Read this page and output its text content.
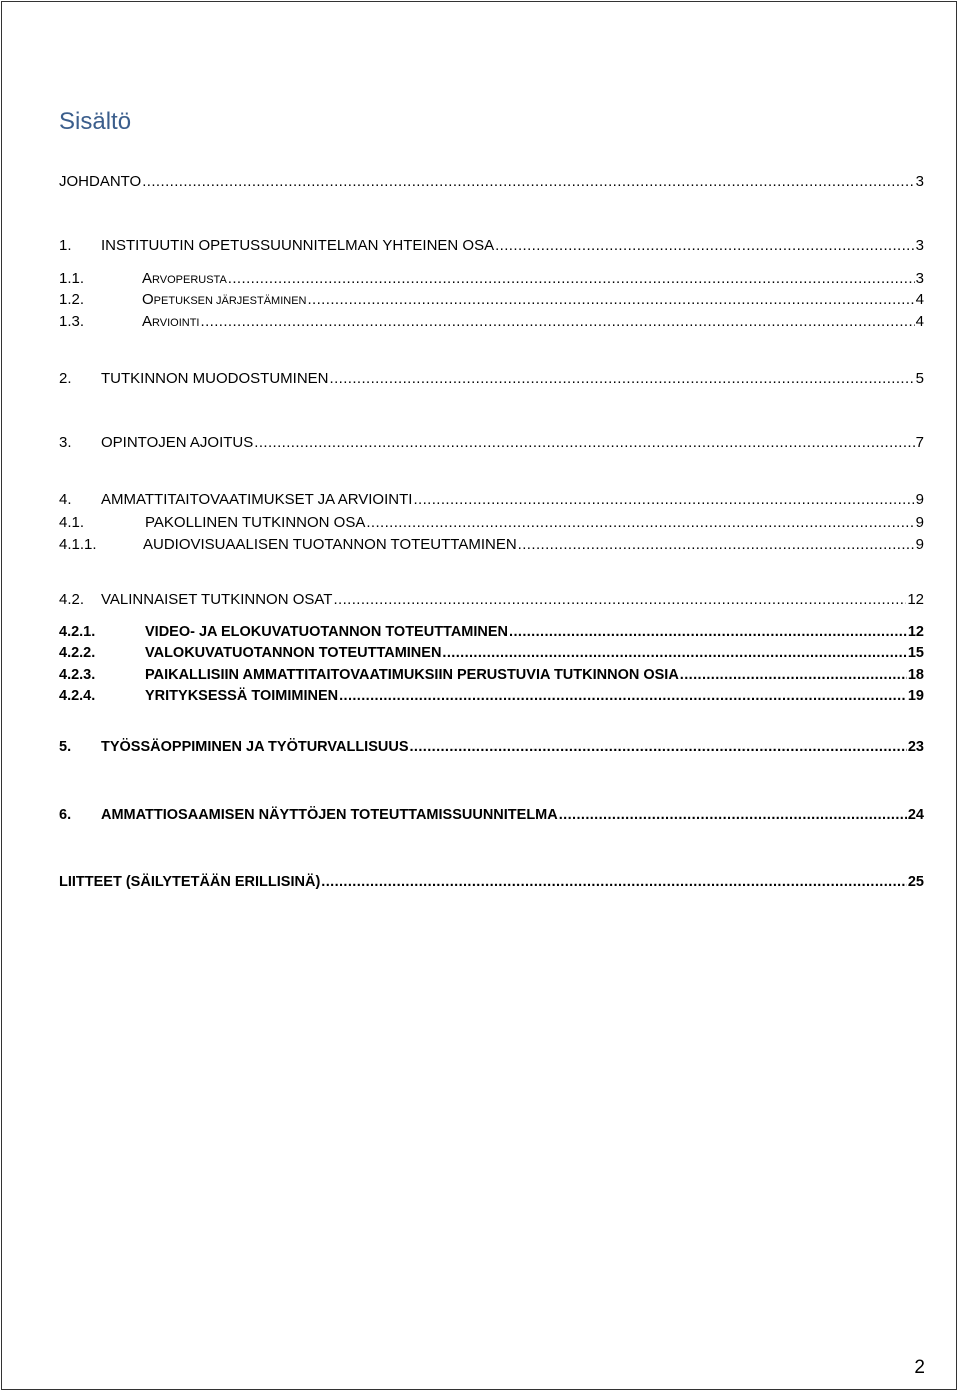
Sisältö
JOHDANTO .....	3
1.	INSTITUUTIN OPETUSSUUNNITELMAN YHTEINEN OSA .....	3
1.1.	ARVOPERUSTA .....	3
1.2.	OPETUKSEN JÄRJESTÄMINEN .....	4
1.3.	ARVIOINTI .....	4
2.	TUTKINNON MUODOSTUMINEN .....	5
3.	OPINTOJEN AJOITUS .....	7
4.	AMMATTITAITOVAATIMUKSET JA ARVIOINTI .....	9
4.1.	PAKOLLINEN TUTKINNON OSA .....	9
4.1.1.	AUDIOVISUAALISEN TUOTANNON TOTEUTTAMINEN .....	9
4.2.	VALINNAISET TUTKINNON OSAT .....	12
4.2.1.	VIDEO- JA ELOKUVATUOTANNON TOTEUTTAMINEN .....	12
4.2.2.	VALOKUVATUOTANNON TOTEUTTAMINEN .....	15
4.2.3.	PAIKALLISIIN AMMATTITAITOVAATIMUKSIIN PERUSTUVIA TUTKINNON OSIA .....	18
4.2.4.	YRITYKSESSÄ TOIMIMINEN .....	19
5.	TYÖSSÄOPPIMINEN JA TYÖTURVALLISUUS .....	23
6.	AMMATTIOSAAMISEN NÄYTTÖJEN TOTEUTTAMISSUUNNITELMA .....	24
LIITTEET (SÄILYTETÄÄN ERILLISINÄ) .....	25
2
